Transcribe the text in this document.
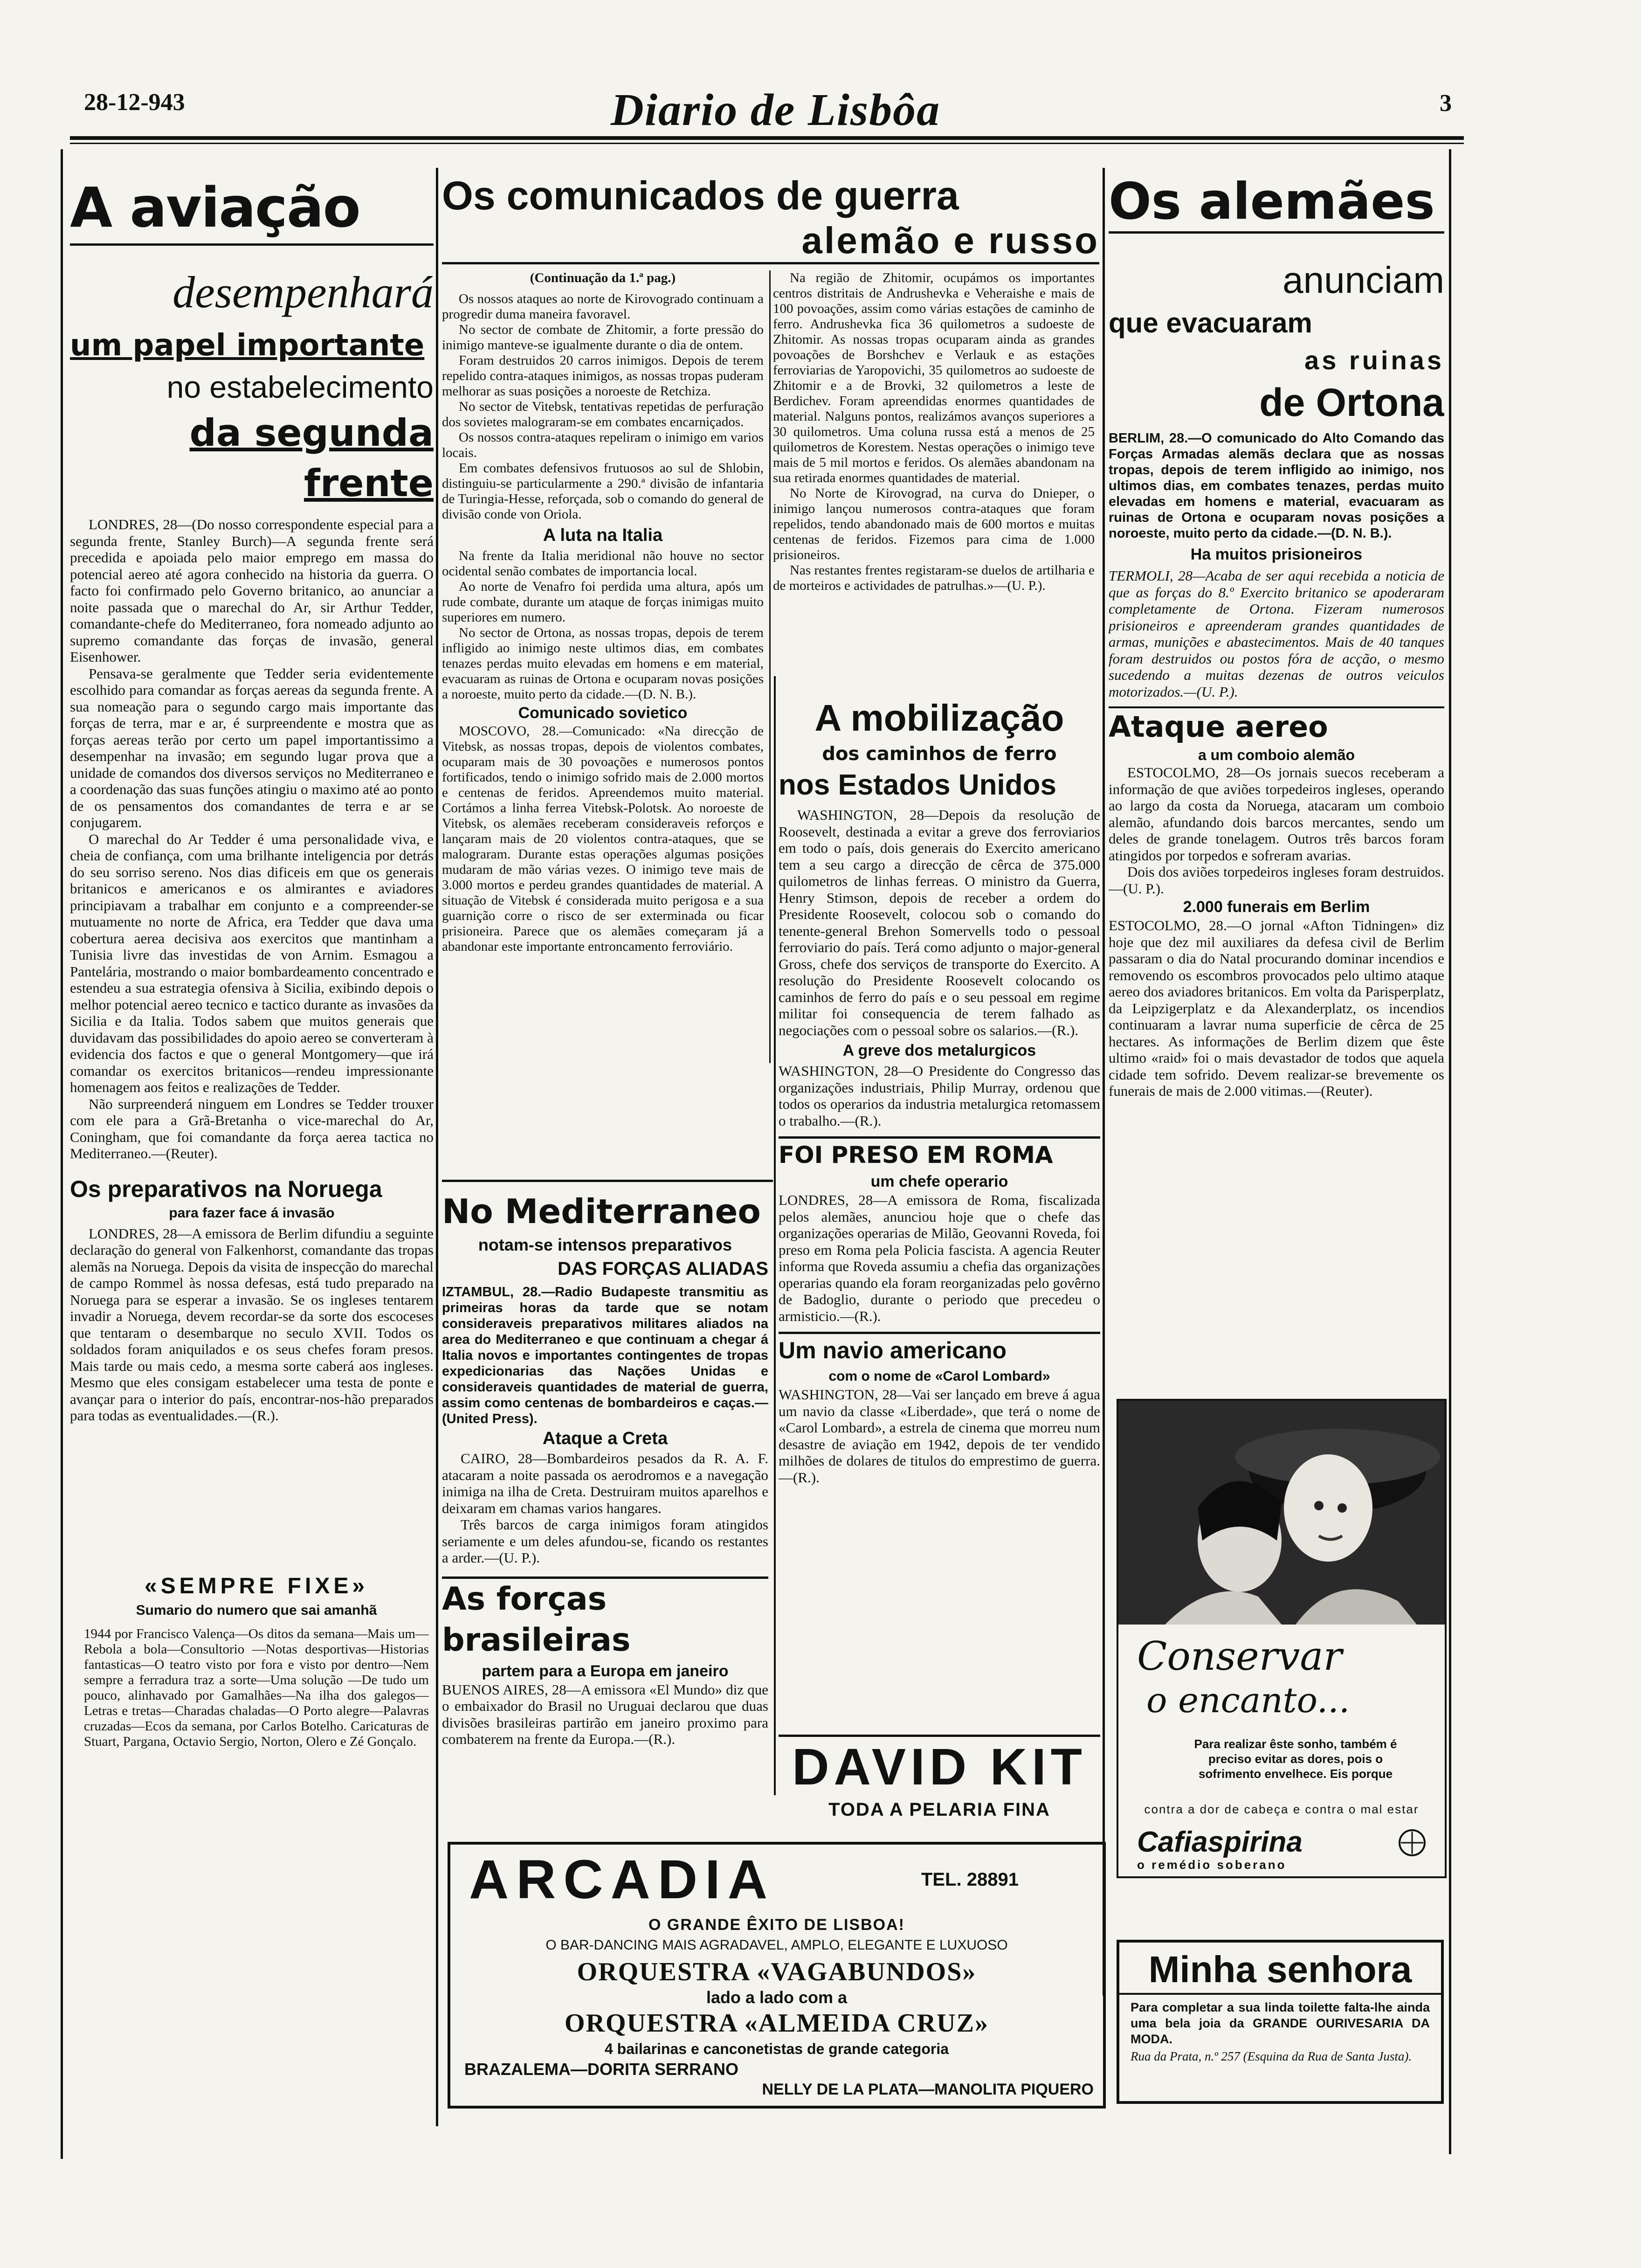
28-12-943	Diario de Lisbôa	3
A aviação
desempenhará
um papel importante
no estabelecimento
da segunda frente

LONDRES, 28—(Do nosso correspondente especial para a segunda frente, Stanley Burch)—A segunda frente será precedida e apoiada pelo maior emprego em massa do potencial aereo até agora conhecido na historia da guerra. O facto foi confirmado pelo Governo britanico, ao anunciar a noite passada que o marechal do Ar, sir Arthur Tedder, comandante-chefe do Mediterraneo, fora nomeado adjunto ao supremo comandante das forças de invasão, general Eisenhower.

Pensava-se geralmente que Tedder seria evidentemente escolhido para comandar as forças aereas da segunda frente. A sua nomeação para o segundo cargo mais importante das forças de terra, mar e ar, é surpreendente e mostra que as forças aereas terão por certo um papel importantissimo a desempenhar na invasão; em segundo lugar prova que a unidade de comandos dos diversos serviços no Mediterraneo e a coordenação das suas funções atingiu o maximo até ao ponto de os pensamentos dos comandantes de terra e ar se conjugarem.

O marechal do Ar Tedder é uma personalidade viva, e cheia de confiança, com uma brilhante inteligencia por detrás do seu sorriso sereno. Nos dias dificeis em que os generais britanicos e americanos e os almirantes e aviadores principiavam a trabalhar em conjunto e a compreender-se mutuamente no norte de Africa, era Tedder que dava uma cobertura aerea decisiva aos exercitos que mantinham a Tunisia livre das investidas de von Arnim. Esmagou a Pantelária, mostrando o maior bombardeamento concentrado e estendeu a sua estrategia ofensiva à Sicilia, exibindo depois o melhor potencial aereo tecnico e tactico durante as invasões da Sicilia e da Italia. Todos sabem que muitos generais que duvidavam das possibilidades do apoio aereo se converteram à evidencia dos factos e que o general Montgomery—que irá comandar os exercitos britanicos—rendeu impressionante homenagem aos feitos e realizações de Tedder.

Não surpreenderá ninguem em Londres se Tedder trouxer com ele para a Grã-Bretanha o vice-marechal do Ar, Coningham, que foi comandante da força aerea tactica no Mediterraneo.—(Reuter).

Os preparativos na Noruega
para fazer face á invasão

LONDRES, 28—A emissora de Berlim difundiu a seguinte declaração do general von Falkenhorst, comandante das tropas alemãs na Noruega. Depois da visita de inspecção do marechal de campo Rommel às nossa defesas, está tudo preparado na Noruega para se esperar a invasão. Se os ingleses tentarem invadir a Noruega, devem recordar-se da sorte dos escoceses que tentaram o desembarque no seculo XVII. Todos os soldados foram aniquilados e os seus chefes foram presos. Mais tarde ou mais cedo, a mesma sorte caberá aos ingleses. Mesmo que eles consigam estabelecer uma testa de ponte e avançar para o interior do país, encontrar-nos-hão preparados para todas as eventualidades.—(R.).

«SEMPRE FIXE»
Sumario do numero que sai amanhã
1944 por Francisco Valença—Os ditos da semana—Mais um—Rebola a bola—Consultorio —Notas desportivas—Historias fantasticas—O teatro visto por fora e visto por dentro—Nem sempre a ferradura traz a sorte—Uma solução —De tudo um pouco, alinhavado por Gamalhães—Na ilha dos galegos—Letras e tretas—Charadas chaladas—O Porto alegre—Palavras cruzadas—Ecos da semana, por Carlos Botelho. Caricaturas de Stuart, Pargana, Octavio Sergio, Norton, Olero e Zé Gonçalo.
Os comunicados de guerra
alemão e russo
(Continuação da 1.ª pag.)

Os nossos ataques ao norte de Kirovogrado continuam a progredir duma maneira favoravel.

No sector de combate de Zhitomir, a forte pressão do inimigo manteve-se igualmente durante o dia de ontem.

Foram destruidos 20 carros inimigos. Depois de terem repelido contra-ataques inimigos, as nossas tropas puderam melhorar as suas posições a noroeste de Retchiza.

No sector de Vitebsk, tentativas repetidas de perfuração dos sovietes malograram-se em combates encarniçados.

Os nossos contra-ataques repeliram o inimigo em varios locais.

Em combates defensivos frutuosos ao sul de Shlobin, distinguiu-se particularmente a 290.ª divisão de infantaria de Turingia-Hesse, reforçada, sob o comando do general de divisão conde von Oriola.

A luta na Italia

Na frente da Italia meridional não houve no sector ocidental senão combates de importancia local.

Ao norte de Venafro foi perdida uma altura, após um rude combate, durante um ataque de forças inimigas muito superiores em numero.

No sector de Ortona, as nossas tropas, depois de terem infligido ao inimigo neste ultimos dias, em combates tenazes perdas muito elevadas em homens e em material, evacuaram as ruinas de Ortona e ocuparam novas posições a noroeste, muito perto da cidade.—(D. N. B.).

Comunicado sovietico

MOSCOVO, 28.—Comunicado: «Na direcção de Vitebsk, as nossas tropas, depois de violentos combates, ocuparam mais de 30 povoações e numerosos pontos fortificados, tendo o inimigo sofrido mais de 2.000 mortos e centenas de feridos. Apreendemos muito material. Cortámos a linha ferrea Vitebsk-Polotsk. Ao noroeste de Vitebsk, os alemães receberam consideraveis reforços e lançaram mais de 20 violentos contra-ataques, que se malograram. Durante estas operações algumas posições mudaram de mão várias vezes. O inimigo teve mais de 3.000 mortos e perdeu grandes quantidades de material. A situação de Vitebsk é considerada muito perigosa e a sua guarnição corre o risco de ser exterminada ou ficar prisioneira. Parece que os alemães começaram já a abandonar este importante entroncamento ferroviário.

Na região de Zhitomir, ocupámos os importantes centros distritais de Andrushevka e Veheraishe e mais de 100 povoações, assim como várias estações de caminho de ferro. Andrushevka fica 36 quilometros a sudoeste de Zhitomir. As nossas tropas ocuparam ainda as grandes povoações de Borshchev e Verlauk e as estações ferroviarias de Yaropovichi, 35 quilometros ao sudoeste de Zhitomir e a de Brovki, 32 quilometros a leste de Berdichev. Foram apreendidas enormes quantidades de material. Nalguns pontos, realizámos avanços superiores a 30 quilometros. Uma coluna russa está a menos de 25 quilometros de Korestem. Nestas operações o inimigo teve mais de 5 mil mortos e feridos. Os alemães abandonam na sua retirada enormes quantidades de material.

No Norte de Kirovograd, na curva do Dnieper, o inimigo lançou numerosos contra-ataques que foram repelidos, tendo abandonado mais de 600 mortos e muitas centenas de feridos. Fizemos para cima de 1.000 prisioneiros.

Nas restantes frentes registaram-se duelos de artilharia e de morteiros e actividades de patrulhas.»—(U. P.).

No Mediterraneo
notam-se intensos preparativos
DAS FORÇAS ALIADAS
IZTAMBUL, 28.—Radio Budapeste transmitiu as primeiras horas da tarde que se notam consideraveis preparativos militares aliados na area do Mediterraneo e que continuam a chegar á Italia novos e importantes contingentes de tropas expedicionarias das Nações Unidas e consideraveis quantidades de material de guerra, assim como centenas de bombardeiros e caças.—(United Press).
Ataque a Creta

CAIRO, 28—Bombardeiros pesados da R. A. F. atacaram a noite passada os aerodromos e a navegação inimiga na ilha de Creta. Destruiram muitos aparelhos e deixaram em chamas varios hangares.

Três barcos de carga inimigos foram atingidos seriamente e um deles afundou-se, ficando os restantes a arder.—(U. P.).

As forças brasileiras
partem para a Europa em janeiro
BUENOS AIRES, 28—A emissora «El Mundo» diz que o embaixador do Brasil no Uruguai declarou que duas divisões brasileiras partirão em janeiro proximo para combaterem na frente da Europa.—(R.).
A mobilização
dos caminhos de ferro
nos Estados Unidos

WASHINGTON, 28—Depois da resolução de Roosevelt, destinada a evitar a greve dos ferroviarios em todo o país, dois generais do Exercito americano tem a seu cargo a direcção de cêrca de 375.000 quilometros de linhas ferreas. O ministro da Guerra, Henry Stimson, depois de receber a ordem do Presidente Roosevelt, colocou sob o comando do tenente-general Brehon Somervells todo o pessoal ferroviario do país. Terá como adjunto o major-general Gross, chefe dos serviços de transporte do Exercito. A resolução do Presidente Roosevelt colocando os caminhos de ferro do país e o seu pessoal em regime militar foi consequencia de terem falhado as negociações com o pessoal sobre os salarios.—(R.).

A greve dos metalurgicos
WASHINGTON, 28—O Presidente do Congresso das organizações industriais, Philip Murray, ordenou que todos os operarios da industria metalurgica retomassem o trabalho.—(R.).
FOI PRESO EM ROMA
um chefe operario
LONDRES, 28—A emissora de Roma, fiscalizada pelos alemães, anunciou hoje que o chefe das organizações operarias de Milão, Geovanni Roveda, foi preso em Roma pela Policia fascista. A agencia Reuter informa que Roveda assumiu a chefia das organizações operarias quando ela foram reorganizadas pelo govêrno de Badoglio, durante o periodo que precedeu o armisticio.—(R.).
Um navio americano
com o nome de «Carol Lombard»
WASHINGTON, 28—Vai ser lançado em breve á agua um navio da classe «Liberdade», que terá o nome de «Carol Lombard», a estrela de cinema que morreu num desastre de aviação em 1942, depois de ter vendido milhões de dolares de titulos do emprestimo de guerra.—(R.).
DAVID KIT
TODA A PELARIA FINA
Os alemães
anunciam
que evacuaram
as ruinas
de Ortona
BERLIM, 28.—O comunicado do Alto Comando das Forças Armadas alemãs declara que as nossas tropas, depois de terem infligido ao inimigo, nos ultimos dias, em combates tenazes, perdas muito elevadas em homens e material, evacuaram as ruinas de Ortona e ocuparam novas posições a noroeste, muito perto da cidade.—(D. N. B.).
Ha muitos prisioneiros
TERMOLI, 28—Acaba de ser aqui recebida a noticia de que as forças do 8.º Exercito britanico se apoderaram completamente de Ortona. Fizeram numerosos prisioneiros e apreenderam grandes quantidades de armas, munições e abastecimentos. Mais de 40 tanques foram destruidos ou postos fóra de acção, o mesmo sucedendo a muitas dezenas de outros veiculos motorizados.—(U. P.).
Ataque aereo
a um comboio alemão

ESTOCOLMO, 28—Os jornais suecos receberam a informação de que aviões torpedeiros ingleses, operando ao largo da costa da Noruega, atacaram um comboio alemão, afundando dois barcos mercantes, sendo um deles de grande tonelagem. Outros três barcos foram atingidos por torpedos e sofreram avarias.

Dois dos aviões torpedeiros ingleses foram destruidos.—(U. P.).

2.000 funerais em Berlim
ESTOCOLMO, 28.—O jornal «Afton Tidningen» diz hoje que dez mil auxiliares da defesa civil de Berlim passaram o dia do Natal procurando dominar incendios e removendo os escombros provocados pelo ultimo ataque aereo dos aviadores britanicos. Em volta da Parisperplatz, da Leipzigerplatz e da Alexanderplatz, os incendios continuaram a lavrar numa superficie de cêrca de 25 hectares. As informações de Berlim dizem que êste ultimo «raid» foi o mais devastador de todos que aquela cidade tem sofrido. Devem realizar-se brevemente os funerais de mais de 2.000 vitimas.—(Reuter).
Conservar
o encanto...
Para realizar êste sonho, também é preciso evitar as dores, pois o sofrimento envelhece. Eis porque
contra a dor de cabeça e contra o mal estar
Cafiaspirina
o remédio soberano
Minha senhora
Para completar a sua linda toilette falta-lhe ainda uma bela joia da GRANDE OURIVESARIA DA MODA.
Rua da Prata, n.º 257 (Esquina da Rua de Santa Justa).
ARCADIA	TEL. 28891
O GRANDE ÊXITO DE LISBOA!
O BAR-DANCING MAIS AGRADAVEL, AMPLO, ELEGANTE E LUXUOSO
ORQUESTRA «VAGABUNDOS»
lado a lado com a
ORQUESTRA «ALMEIDA CRUZ»
4 bailarinas e canconetistas de grande categoria
BRAZALEMA—DORITA SERRANO
NELLY DE LA PLATA—MANOLITA PIQUERO
